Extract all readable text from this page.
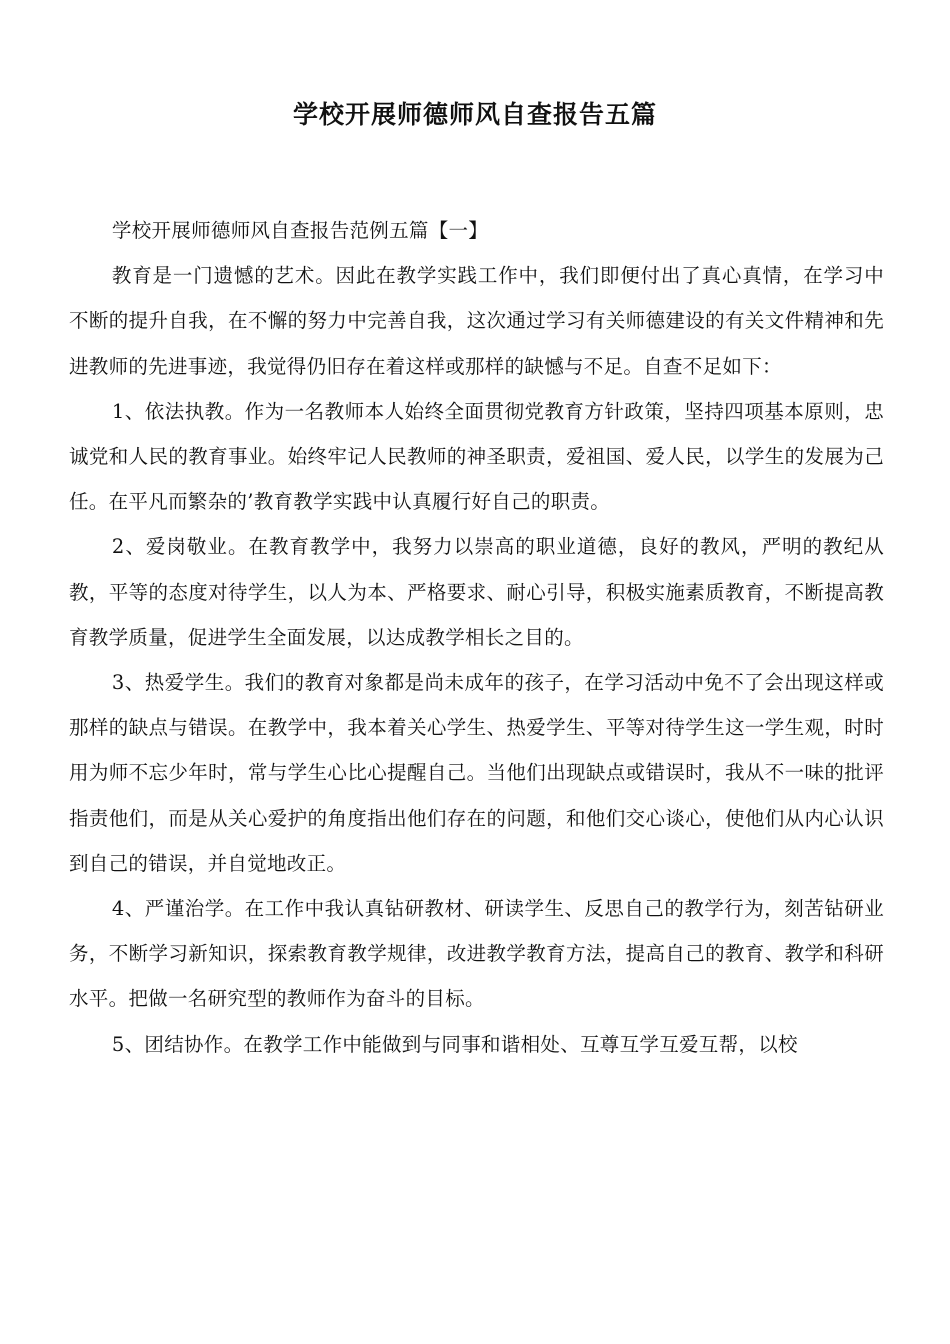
学校开展师德师风自查报告五篇

学校开展师德师风自查报告范例五篇【一】

教育是一门遗憾的艺术。因此在教学实践工作中，我们即便付出了真心真情，在学习中不断的提升自我，在不懈的努力中完善自我，这次通过学习有关师德建设的有关文件精神和先进教师的先进事迹，我觉得仍旧存在着这样或那样的缺憾与不足。自查不足如下：

1、依法执教。作为一名教师本人始终全面贯彻党教育方针政策，坚持四项基本原则，忠诚党和人民的教育事业。始终牢记人民教师的神圣职责，爱祖国、爱人民，以学生的发展为己任。在平凡而繁杂的’教育教学实践中认真履行好自己的职责。

2、爱岗敬业。在教育教学中，我努力以崇高的职业道德，良好的教风，严明的教纪从教，平等的态度对待学生，以人为本、严格要求、耐心引导，积极实施素质教育，不断提高教育教学质量，促进学生全面发展，以达成教学相长之目的。

3、热爱学生。我们的教育对象都是尚未成年的孩子，在学习活动中免不了会出现这样或那样的缺点与错误。在教学中，我本着关心学生、热爱学生、平等对待学生这一学生观，时时用为师不忘少年时，常与学生心比心提醒自己。当他们出现缺点或错误时，我从不一味的批评指责他们，而是从关心爱护的角度指出他们存在的问题，和他们交心谈心，使他们从内心认识到自己的错误，并自觉地改正。

4、严谨治学。在工作中我认真钻研教材、研读学生、反思自己的教学行为，刻苦钻研业务，不断学习新知识，探索教育教学规律，改进教学教育方法，提高自己的教育、教学和科研水平。把做一名研究型的教师作为奋斗的目标。

5、团结协作。在教学工作中能做到与同事和谐相处、互尊互学互爱互帮，以校
